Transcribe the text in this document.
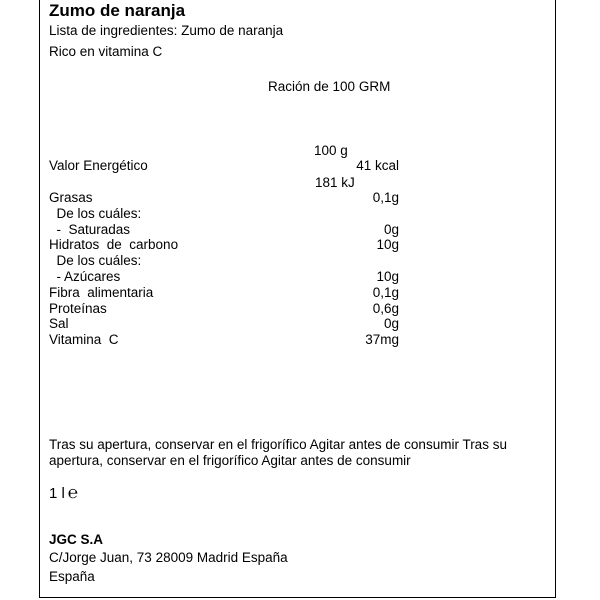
Zumo de naranja
Lista de ingredientes: Zumo de naranja
Rico en vitamina C
Ración de 100 GRM
100 g
Valor Energético	41 kcal
181 kJ
Grasas	0,1g
De los cuáles:
-  Saturadas	0g
Hidratos  de  carbono	10g
De los cuáles:
- Azúcares	10g
Fibra  alimentaria	0,1g
Proteínas	0,6g
Sal	0g
Vitamina  C	37mg
Tras su apertura, conservar en el frigorífico Agitar antes de consumir Tras su
apertura, conservar en el frigorífico Agitar antes de consumir
1 l ℮
JGC S.A
C/Jorge Juan, 73 28009 Madrid España
España
